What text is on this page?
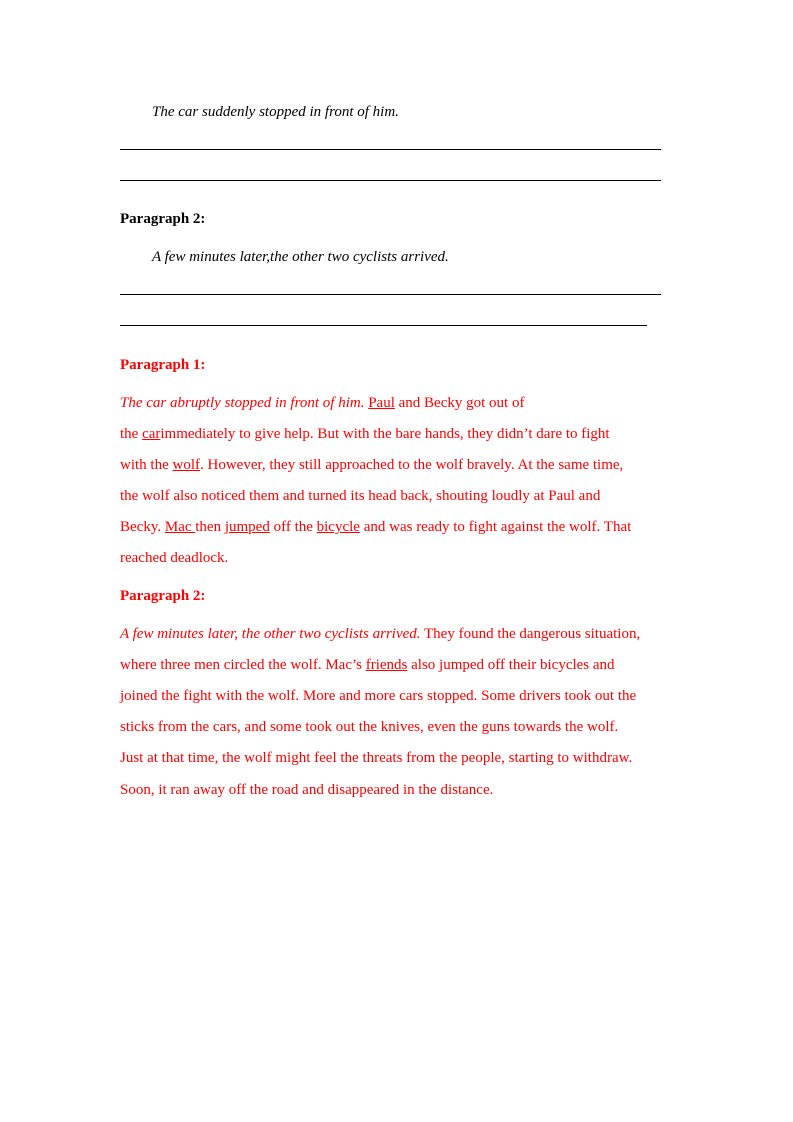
The car suddenly stopped in front of him.
Paragraph 2:
A few minutes later,the other two cyclists arrived.
Paragraph 1:
The car abruptly stopped in front of him. Paul and Becky got out of
the carimmediately to give help. But with the bare hands, they didn’t dare to fight
with the wolf. However, they still approached to the wolf bravely. At the same time,
the wolf also noticed them and turned its head back, shouting loudly at Paul and
Becky. Mac then jumped off the bicycle and was ready to fight against the wolf. That
reached deadlock.
Paragraph 2:
A few minutes later, the other two cyclists arrived. They found the dangerous situation,
where three men circled the wolf. Mac’s friends also jumped off their bicycles and
joined the fight with the wolf. More and more cars stopped. Some drivers took out the
sticks from the cars, and some took out the knives, even the guns towards the wolf.
Just at that time, the wolf might feel the threats from the people, starting to withdraw.
Soon, it ran away off the road and disappeared in the distance.
